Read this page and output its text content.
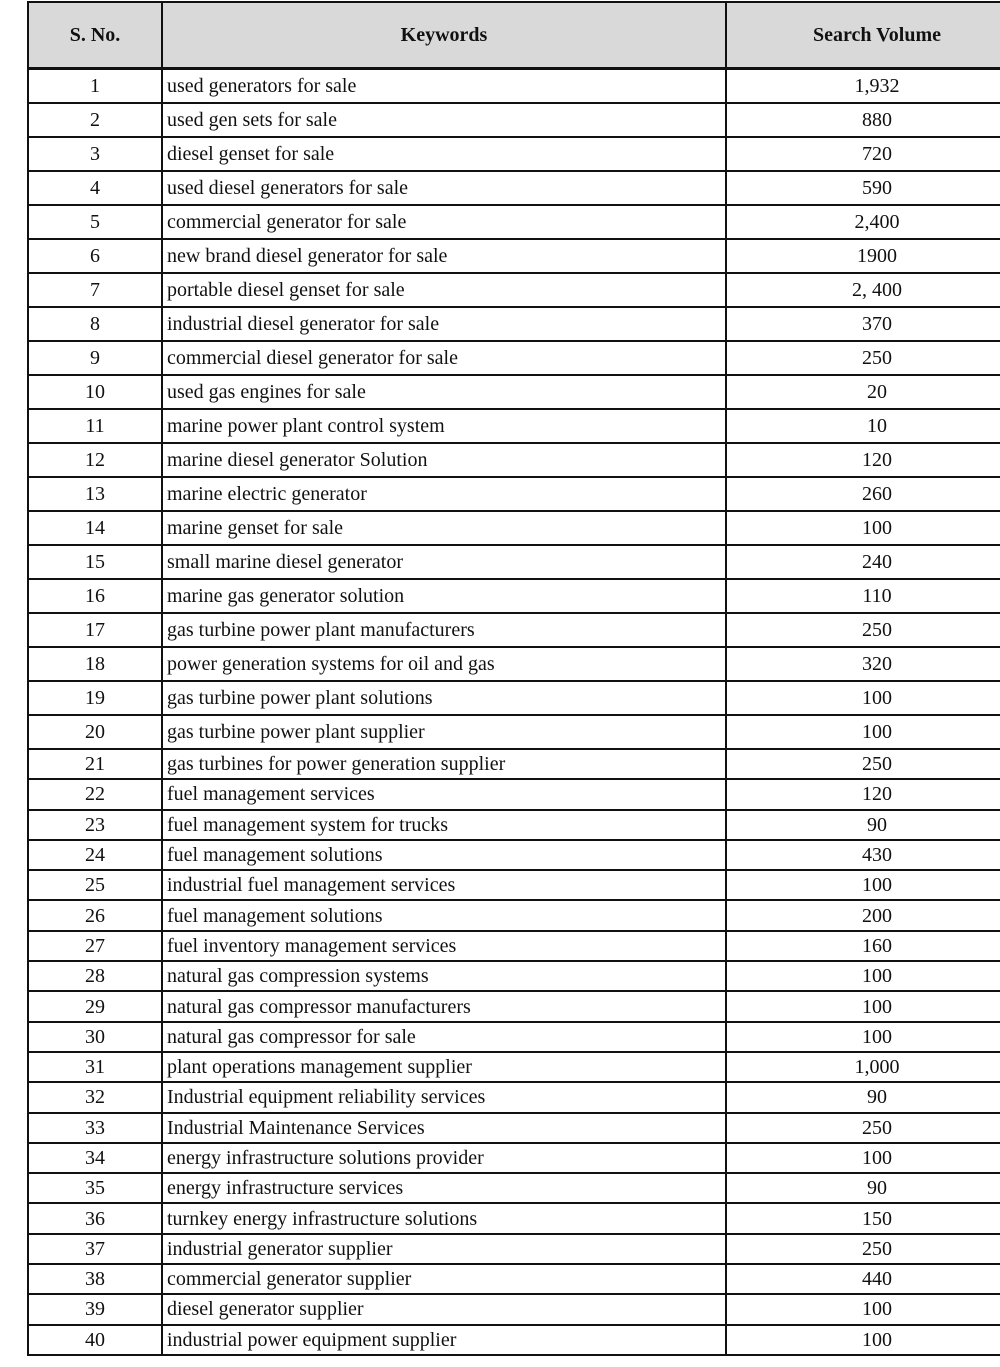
S. No.	Keywords	Search Volume
1	used generators for sale	1,932
2	used gen sets for sale	880
3	diesel genset for sale	720
4	used diesel generators for sale	590
5	commercial generator for sale	2,400
6	new brand diesel generator for sale	1900
7	portable diesel genset for sale	2, 400
8	industrial diesel generator for sale	370
9	commercial diesel generator for sale	250
10	used gas engines for sale	20
11	marine power plant control system	10
12	marine diesel generator Solution	120
13	marine electric generator	260
14	marine genset for sale	100
15	small marine diesel generator	240
16	marine gas generator solution	110
17	gas turbine power plant manufacturers	250
18	power generation systems for oil and gas	320
19	gas turbine power plant solutions	100
20	gas turbine power plant supplier	100
21	gas turbines for power generation supplier	250
22	fuel management services	120
23	fuel management system for trucks	90
24	fuel management solutions	430
25	industrial fuel management services	100
26	fuel management solutions	200
27	fuel inventory management services	160
28	natural gas compression systems	100
29	natural gas compressor manufacturers	100
30	natural gas compressor for sale	100
31	plant operations management supplier	1,000
32	Industrial equipment reliability services	90
33	Industrial Maintenance Services	250
34	energy infrastructure solutions provider	100
35	energy infrastructure services	90
36	turnkey energy infrastructure solutions	150
37	industrial generator supplier	250
38	commercial generator supplier	440
39	diesel generator supplier	100
40	industrial power equipment supplier	100
